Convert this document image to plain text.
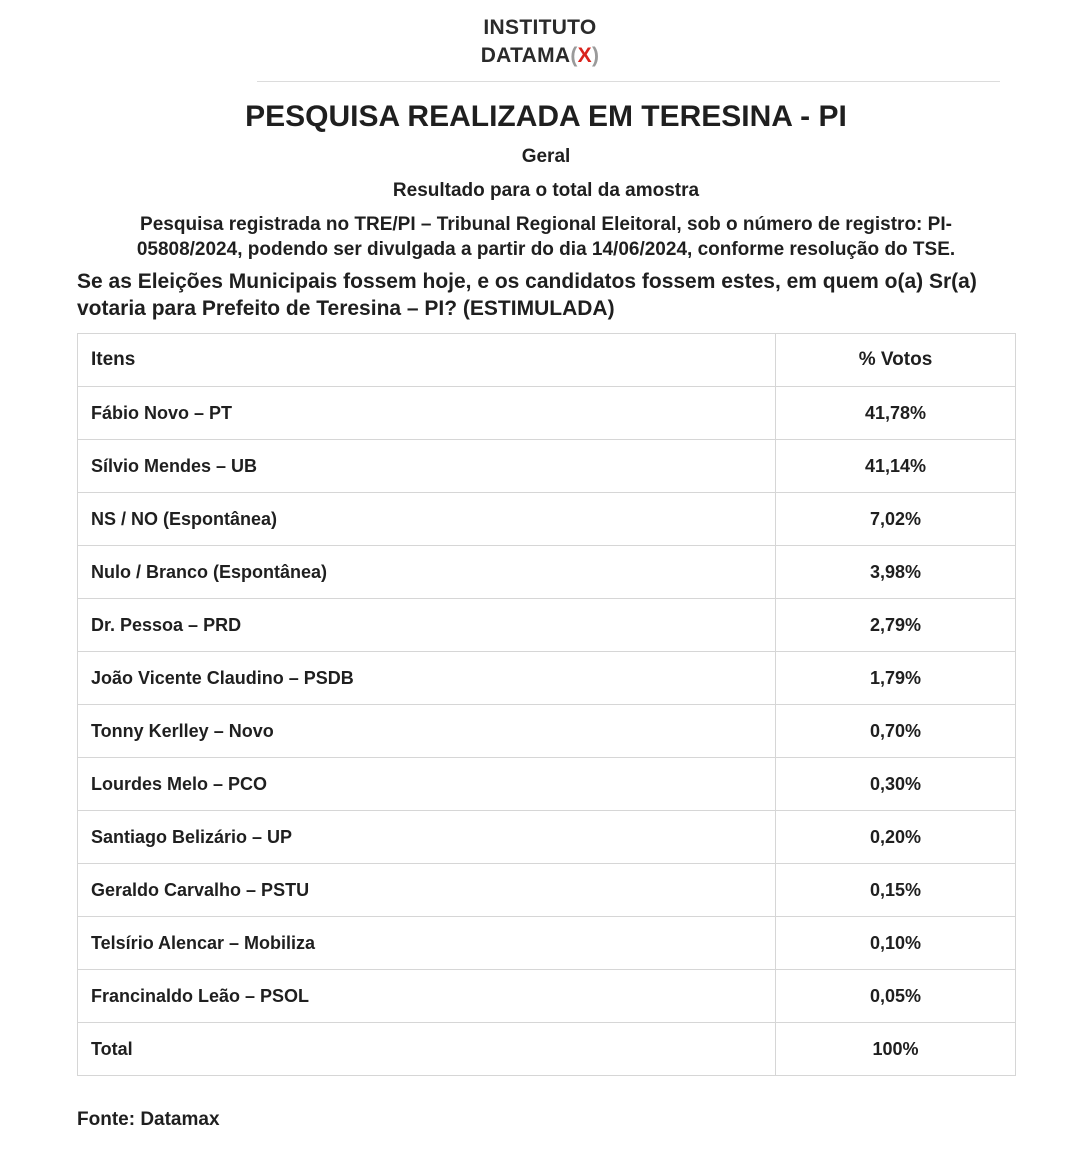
INSTITUTO
DATAMA(X)
PESQUISA REALIZADA EM TERESINA - PI
Geral
Resultado para o total da amostra
Pesquisa registrada no TRE/PI – Tribunal Regional Eleitoral, sob o número de registro: PI-05808/2024, podendo ser divulgada a partir do dia 14/06/2024, conforme resolução do TSE.
Se as Eleições Municipais fossem hoje, e os candidatos fossem estes, em quem o(a) Sr(a) votaria para Prefeito de Teresina – PI? (ESTIMULADA)
Itens	% Votos
Fábio Novo – PT	41,78%
Sílvio Mendes – UB	41,14%
NS / NO (Espontânea)	7,02%
Nulo / Branco (Espontânea)	3,98%
Dr. Pessoa – PRD	2,79%
João Vicente Claudino – PSDB	1,79%
Tonny Kerlley – Novo	0,70%
Lourdes Melo – PCO	0,30%
Santiago Belizário – UP	0,20%
Geraldo Carvalho – PSTU	0,15%
Telsírio Alencar – Mobiliza	0,10%
Francinaldo Leão – PSOL	0,05%
Total	100%
Fonte: Datamax
